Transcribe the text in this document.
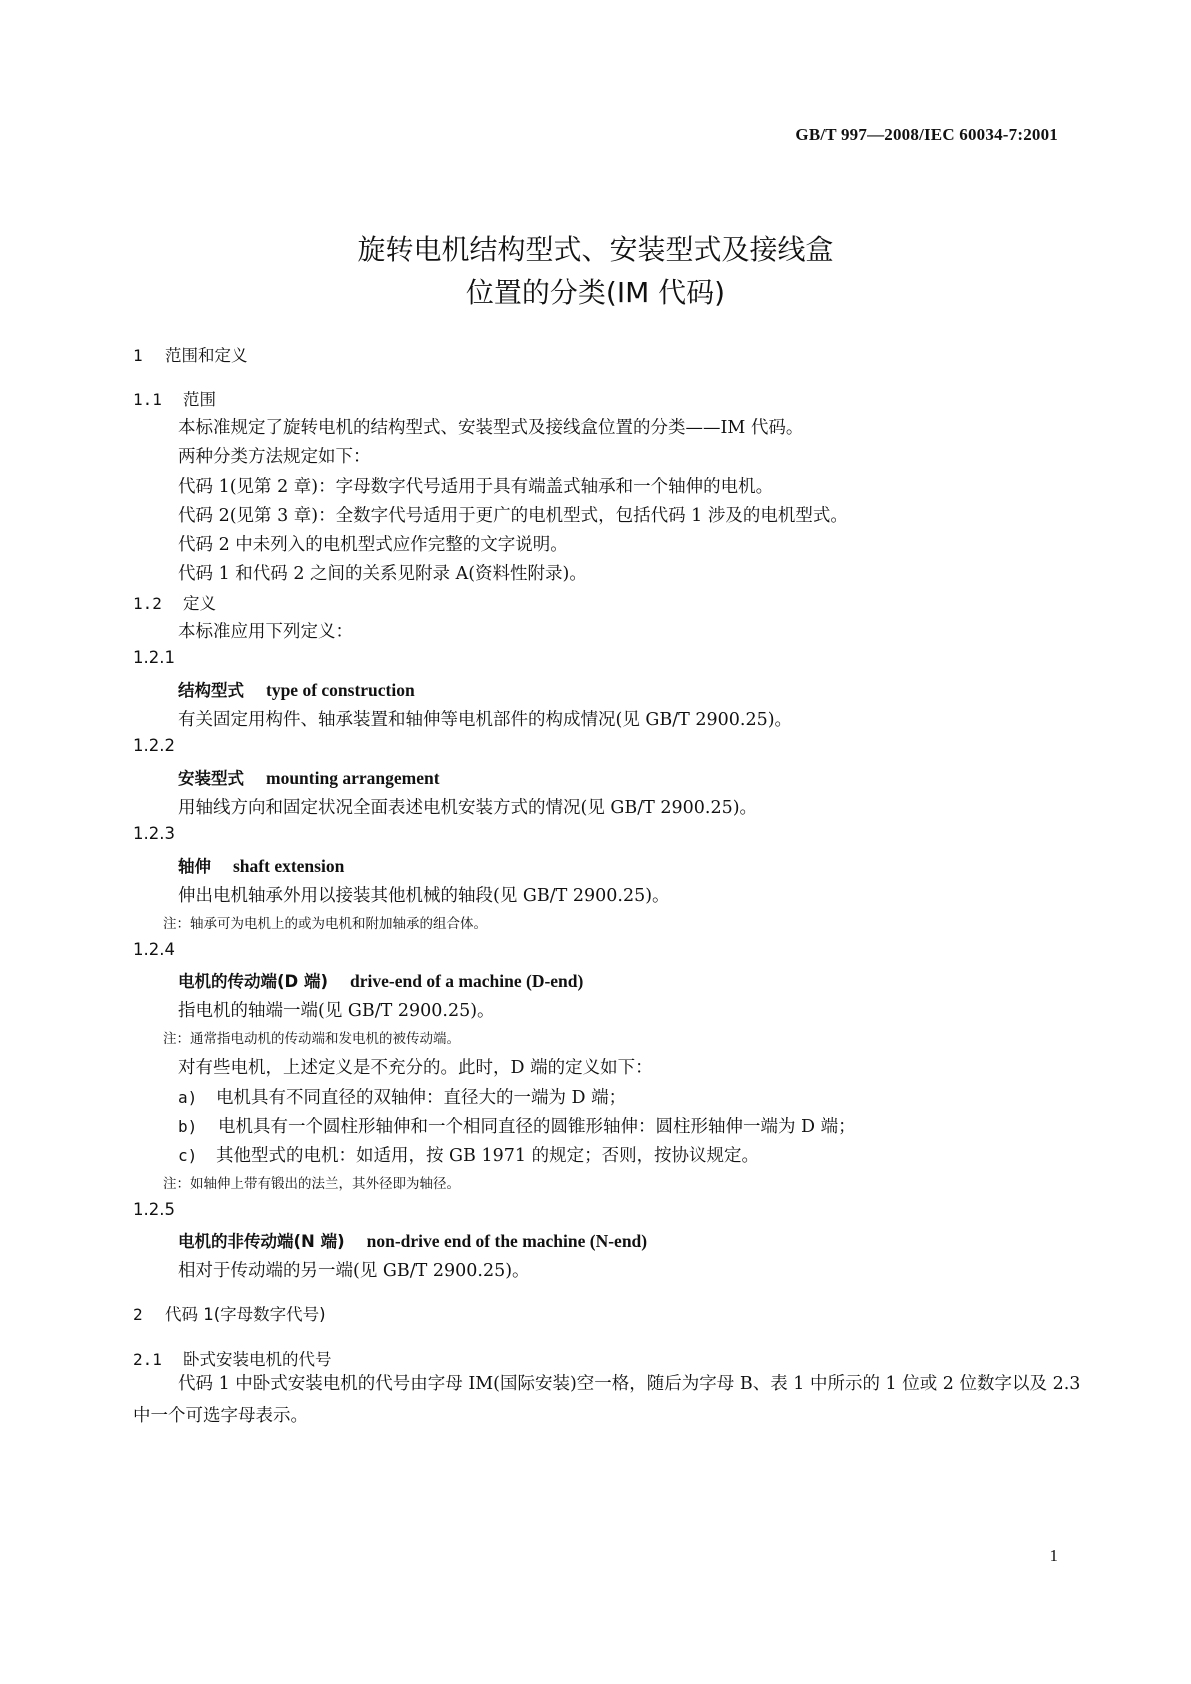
GB/T 997—2008/IEC 60034-7:2001
旋转电机结构型式、安装型式及接线盒
位置的分类(IM 代码)
1 范围和定义
1.1 范围
本标准规定了旋转电机的结构型式、安装型式及接线盒位置的分类——IM 代码。
两种分类方法规定如下：
代码 1(见第 2 章)：字母数字代号适用于具有端盖式轴承和一个轴伸的电机。
代码 2(见第 3 章)：全数字代号适用于更广的电机型式，包括代码 1 涉及的电机型式。
代码 2 中未列入的电机型式应作完整的文字说明。
代码 1 和代码 2 之间的关系见附录 A(资料性附录)。
1.2 定义
本标准应用下列定义：
1.2.1
结构型式 type of construction
有关固定用构件、轴承装置和轴伸等电机部件的构成情况(见 GB/T 2900.25)。
1.2.2
安装型式 mounting arrangement
用轴线方向和固定状况全面表述电机安装方式的情况(见 GB/T 2900.25)。
1.2.3
轴伸 shaft extension
伸出电机轴承外用以接装其他机械的轴段(见 GB/T 2900.25)。
注：轴承可为电机上的或为电机和附加轴承的组合体。
1.2.4
电机的传动端(D 端) drive-end of a machine (D-end)
指电机的轴端一端(见 GB/T 2900.25)。
注：通常指电动机的传动端和发电机的被传动端。
对有些电机，上述定义是不充分的。此时，D 端的定义如下：
a) 电机具有不同直径的双轴伸：直径大的一端为 D 端；
b) 电机具有一个圆柱形轴伸和一个相同直径的圆锥形轴伸：圆柱形轴伸一端为 D 端；
c) 其他型式的电机：如适用，按 GB 1971 的规定；否则，按协议规定。
注：如轴伸上带有锻出的法兰，其外径即为轴径。
1.2.5
电机的非传动端(N 端) non-drive end of the machine (N-end)
相对于传动端的另一端(见 GB/T 2900.25)。
2 代码 1(字母数字代号)
2.1 卧式安装电机的代号
代码 1 中卧式安装电机的代号由字母 IM(国际安装)空一格，随后为字母 B、表 1 中所示的 1 位或 2 位数字以及 2.3 中一个可选字母表示。
1
